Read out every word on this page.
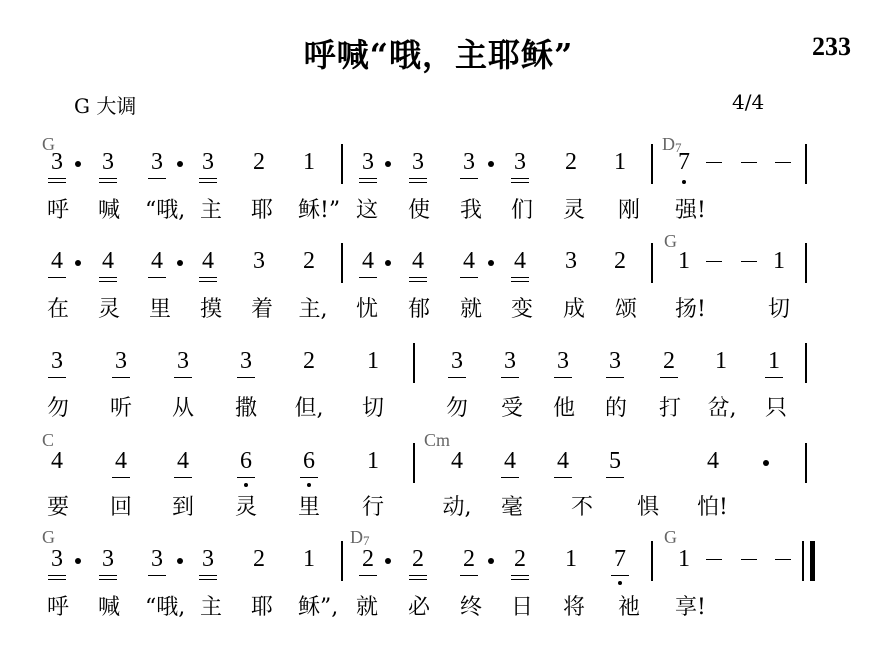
呼喊“哦，主耶稣”	233
G 大调	4/4
G	$D_7$
3 3 3 3 2 1 3 3 3 3 2 1 7
呼 喊 “哦, 主 耶 稣!” 这 使 我 们 灵 刚 强!
G
4 4 4 4 3 2 4 4 4 4 3 2 1	1
在 灵 里 摸 着 主, 忧 郁 就 变 成 颂 扬!	切
3 3 3 3 2 1	3 3 3 3 2 1 1
勿 听 从 撒 但, 切	勿 受 他 的 打 岔, 只
C	Cm
4 4 4 6 6 1	4 4 4 5	4
要 回 到 灵 里 行	动, 毫 不 惧 怕!
G	$D_7$	G
3 3 3 3 2 1 2 2 2 2 1 7 1
呼 喊 “哦, 主 耶 稣”, 就 必 终 日 将 祂 享!
